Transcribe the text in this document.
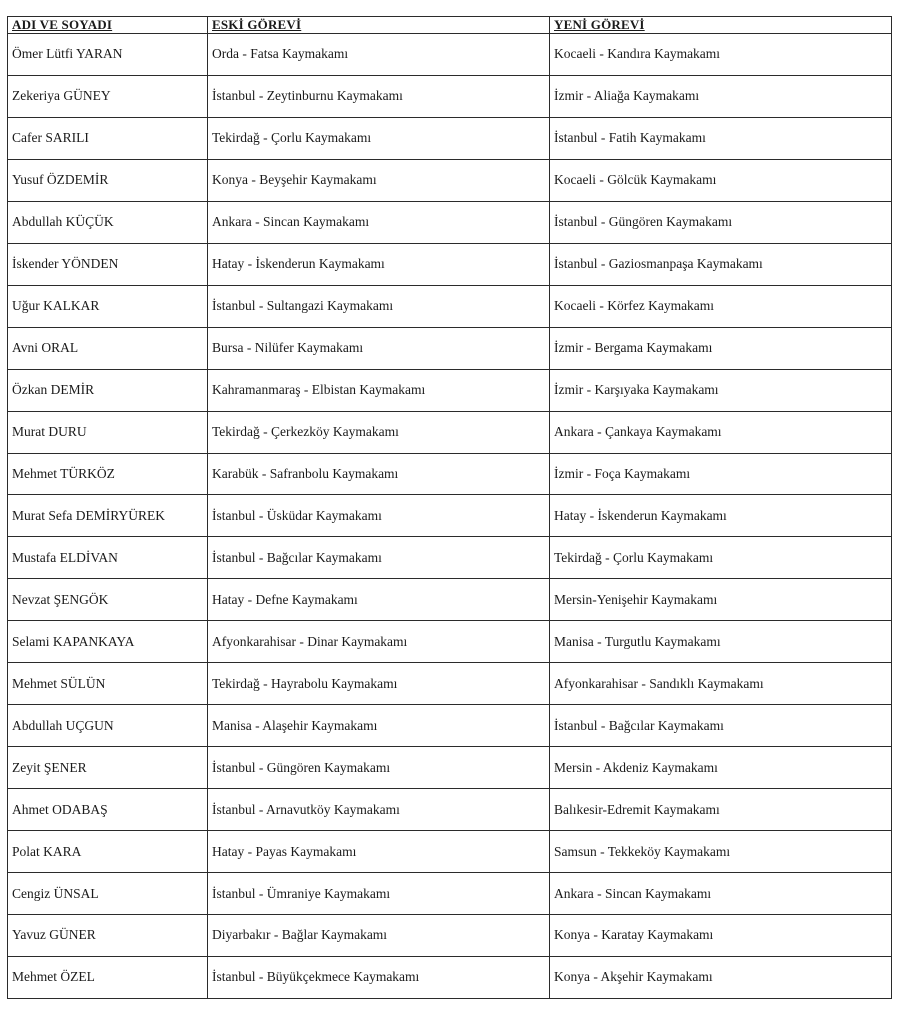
ADI VE SOYADI	ESKİ GÖREVİ	YENİ GÖREVİ
Ömer Lütfi YARAN	Orda - Fatsa Kaymakamı	Kocaeli - Kandıra Kaymakamı
Zekeriya GÜNEY	İstanbul - Zeytinburnu Kaymakamı	İzmir - Aliağa Kaymakamı
Cafer SARILI	Tekirdağ - Çorlu Kaymakamı	İstanbul - Fatih Kaymakamı
Yusuf ÖZDEMİR	Konya - Beyşehir Kaymakamı	Kocaeli - Gölcük Kaymakamı
Abdullah KÜÇÜK	Ankara - Sincan Kaymakamı	İstanbul - Güngören Kaymakamı
İskender YÖNDEN	Hatay - İskenderun Kaymakamı	İstanbul - Gaziosmanpaşa Kaymakamı
Uğur KALKAR	İstanbul - Sultangazi Kaymakamı	Kocaeli - Körfez Kaymakamı
Avni ORAL	Bursa - Nilüfer Kaymakamı	İzmir - Bergama Kaymakamı
Özkan DEMİR	Kahramanmaraş - Elbistan Kaymakamı	İzmir - Karşıyaka Kaymakamı
Murat DURU	Tekirdağ - Çerkezköy Kaymakamı	Ankara - Çankaya Kaymakamı
Mehmet TÜRKÖZ	Karabük - Safranbolu Kaymakamı	İzmir - Foça Kaymakamı
Murat Sefa DEMİRYÜREK	İstanbul - Üsküdar Kaymakamı	Hatay - İskenderun Kaymakamı
Mustafa ELDİVAN	İstanbul - Bağcılar Kaymakamı	Tekirdağ - Çorlu Kaymakamı
Nevzat ŞENGÖK	Hatay - Defne Kaymakamı	Mersin-Yenişehir Kaymakamı
Selami KAPANKAYA	Afyonkarahisar - Dinar Kaymakamı	Manisa - Turgutlu Kaymakamı
Mehmet SÜLÜN	Tekirdağ - Hayrabolu Kaymakamı	Afyonkarahisar - Sandıklı Kaymakamı
Abdullah UÇGUN	Manisa - Alaşehir Kaymakamı	İstanbul - Bağcılar Kaymakamı
Zeyit ŞENER	İstanbul - Güngören Kaymakamı	Mersin - Akdeniz Kaymakamı
Ahmet ODABAŞ	İstanbul - Arnavutköy Kaymakamı	Balıkesir-Edremit Kaymakamı
Polat KARA	Hatay - Payas Kaymakamı	Samsun - Tekkeköy Kaymakamı
Cengiz ÜNSAL	İstanbul - Ümraniye Kaymakamı	Ankara - Sincan Kaymakamı
Yavuz GÜNER	Diyarbakır - Bağlar Kaymakamı	Konya - Karatay Kaymakamı
Mehmet ÖZEL	İstanbul - Büyükçekmece Kaymakamı	Konya - Akşehir Kaymakamı
